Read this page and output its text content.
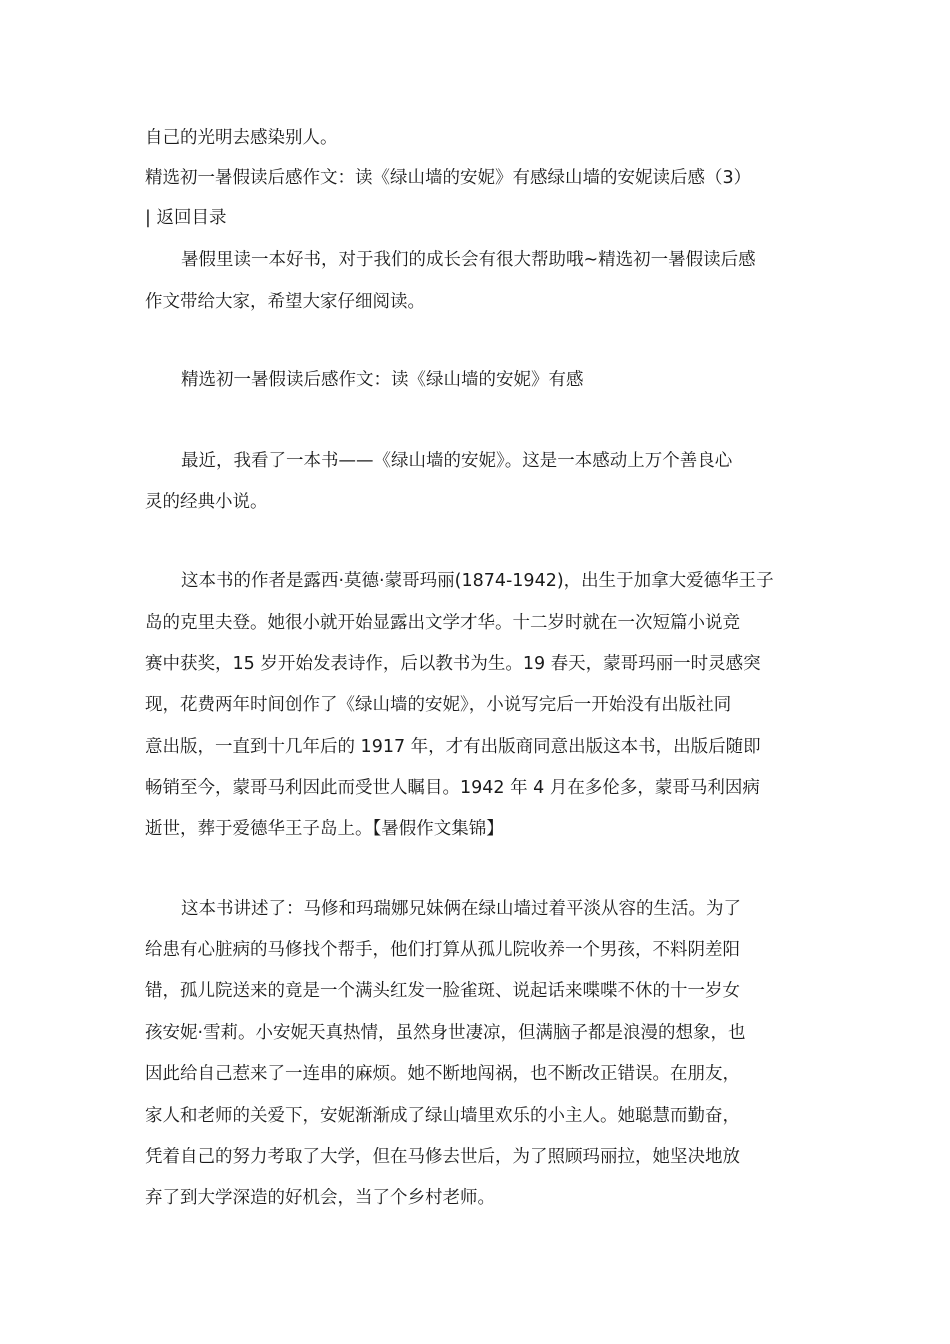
自己的光明去感染别人。
精选初一暑假读后感作文：读《绿山墙的安妮》有感绿山墙的安妮读后感（3）
| 返回目录
暑假里读一本好书，对于我们的成长会有很大帮助哦~精选初一暑假读后感
作文带给大家，希望大家仔细阅读。
精选初一暑假读后感作文：读《绿山墙的安妮》有感
最近，我看了一本书——《绿山墙的安妮》。这是一本感动上万个善良心
灵的经典小说。
这本书的作者是露西·莫德·蒙哥玛丽(1874-1942)，出生于加拿大爱德华王子
岛的克里夫登。她很小就开始显露出文学才华。十二岁时就在一次短篇小说竞
赛中获奖，15 岁开始发表诗作，后以教书为生。19 春天，蒙哥玛丽一时灵感突
现，花费两年时间创作了《绿山墙的安妮》，小说写完后一开始没有出版社同
意出版，一直到十几年后的 1917 年，才有出版商同意出版这本书，出版后随即
畅销至今，蒙哥马利因此而受世人瞩目。1942 年 4 月在多伦多，蒙哥马利因病
逝世，葬于爱德华王子岛上。【暑假作文集锦】
这本书讲述了：马修和玛瑞娜兄妹俩在绿山墙过着平淡从容的生活。为了
给患有心脏病的马修找个帮手，他们打算从孤儿院收养一个男孩，不料阴差阳
错，孤儿院送来的竟是一个满头红发一脸雀斑、说起话来喋喋不休的十一岁女
孩安妮·雪莉。小安妮天真热情，虽然身世凄凉，但满脑子都是浪漫的想象，也
因此给自己惹来了一连串的麻烦。她不断地闯祸，也不断改正错误。在朋友，
家人和老师的关爱下，安妮渐渐成了绿山墙里欢乐的小主人。她聪慧而勤奋，
凭着自己的努力考取了大学，但在马修去世后，为了照顾玛丽拉，她坚决地放
弃了到大学深造的好机会，当了个乡村老师。
